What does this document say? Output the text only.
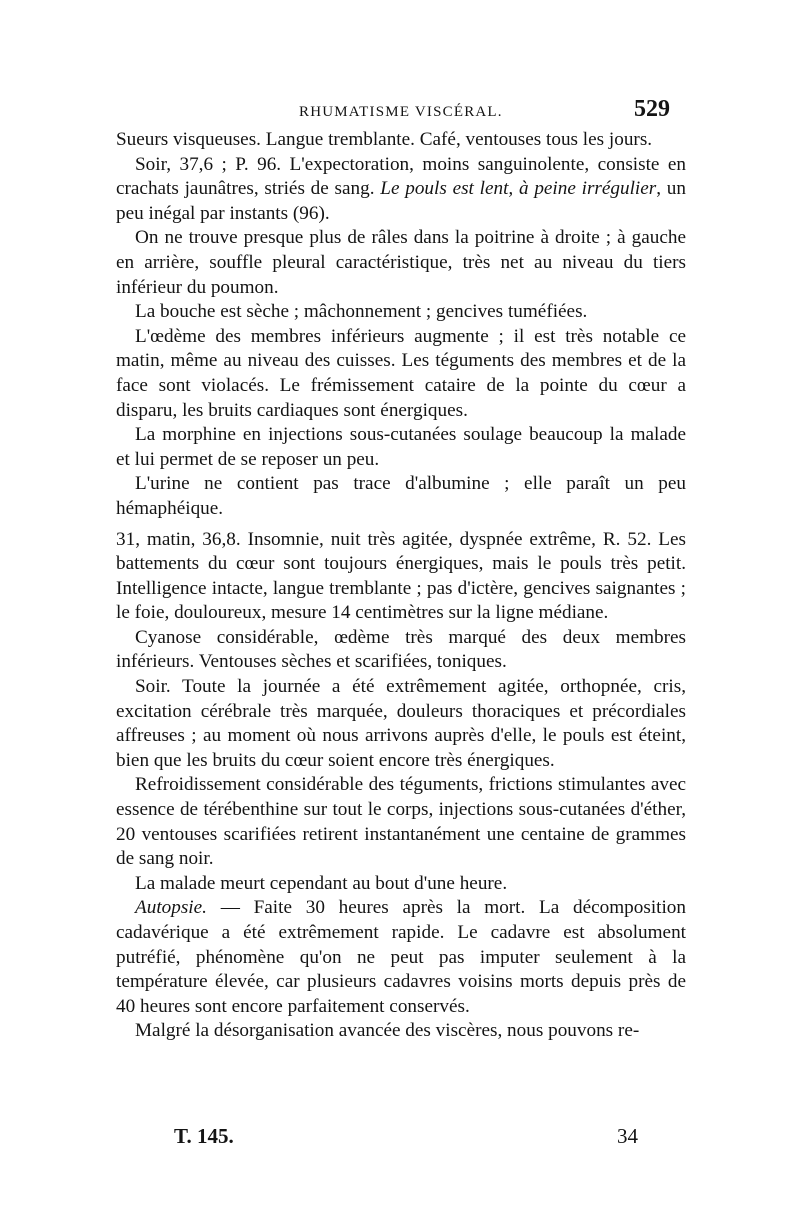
RHUMATISME VISCÉRAL.	529

Sueurs visqueuses. Langue tremblante. Café, ventouses tous les jours.

Soir, 37,6 ; P. 96. L'expectoration, moins sanguinolente, consiste en crachats jaunâtres, striés de sang. Le pouls est lent, à peine irrégulier, un peu inégal par instants (96).

On ne trouve presque plus de râles dans la poitrine à droite ; à gauche en arrière, souffle pleural caractéristique, très net au niveau du tiers inférieur du poumon.

La bouche est sèche ; mâchonnement ; gencives tuméfiées.

L'œdème des membres inférieurs augmente ; il est très notable ce matin, même au niveau des cuisses. Les téguments des membres et de la face sont violacés. Le frémissement cataire de la pointe du cœur a disparu, les bruits cardiaques sont énergiques.

La morphine en injections sous-cutanées soulage beaucoup la malade et lui permet de se reposer un peu.

L'urine ne contient pas trace d'albumine ; elle paraît un peu hémaphéique.

31, matin, 36,8. Insomnie, nuit très agitée, dyspnée extrême, R. 52. Les battements du cœur sont toujours énergiques, mais le pouls très petit. Intelligence intacte, langue tremblante ; pas d'ictère, gencives saignantes ; le foie, douloureux, mesure 14 centimètres sur la ligne médiane.

Cyanose considérable, œdème très marqué des deux membres inférieurs. Ventouses sèches et scarifiées, toniques.

Soir. Toute la journée a été extrêmement agitée, orthopnée, cris, excitation cérébrale très marquée, douleurs thoraciques et précordiales affreuses ; au moment où nous arrivons auprès d'elle, le pouls est éteint, bien que les bruits du cœur soient encore très énergiques.

Refroidissement considérable des téguments, frictions stimulantes avec essence de térébenthine sur tout le corps, injections sous-cutanées d'éther, 20 ventouses scarifiées retirent instantanément une centaine de grammes de sang noir.

La malade meurt cependant au bout d'une heure.

Autopsie. — Faite 30 heures après la mort. La décomposition cadavérique a été extrêmement rapide. Le cadavre est absolument putréfié, phénomène qu'on ne peut pas imputer seulement à la température élevée, car plusieurs cadavres voisins morts depuis près de 40 heures sont encore parfaitement conservés.

Malgré la désorganisation avancée des viscères, nous pouvons re-

T. 145.	34
